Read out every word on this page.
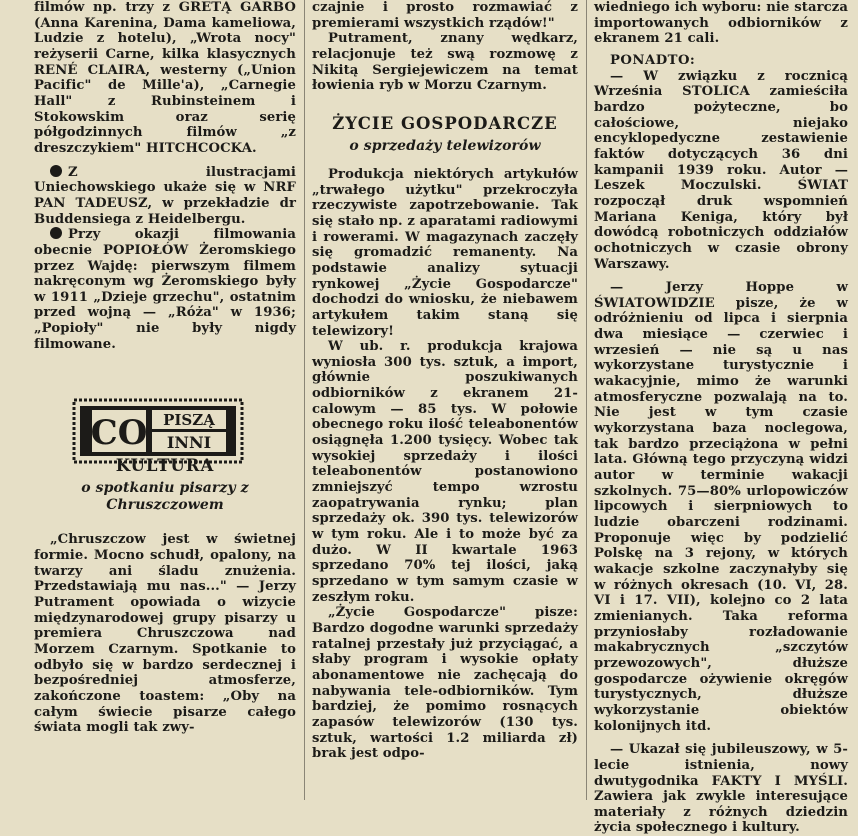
filmów np. trzy z GRETĄ GARBO (Anna Karenina, Dama kameliowa, Ludzie z hotelu), „Wrota nocy" reżyserii Carne, kilka klasycznych RENÉ CLAIRA, westerny („Union Pacific" de Mille'a), „Carnegie Hall" z Rubinsteinem i Stokowskim oraz serię półgodzinnych filmów „z dreszczykiem" HITCHCOCKA.

Z ilustracjami Uniechowskiego ukaże się w NRF PAN TADEUSZ, w przekładzie dr Buddensiega z Heidelbergu.

Przy okazji filmowania obecnie POPIOŁÓW Żeromskiego przez Wajdę: pierwszym filmem nakręconym wg Żeromskiego były w 1911 „Dzieje grzechu", ostatnim przed wojną — „Róża" w 1936; „Popioły" nie były nigdy filmowane.

KULTURA
o spotkaniu pisarzy z Chruszczowem

„Chruszczow jest w świetnej formie. Mocno schudł, opalony, na twarzy ani śladu znużenia. Przedstawiają mu nas..." — Jerzy Putrament opowiada o wizycie międzynarodowej grupy pisarzy u premiera Chruszczowa nad Morzem Czarnym. Spotkanie to odbyło się w bardzo serdecznej i bezpośredniej atmosferze, zakończone toastem: „Oby na całym świecie pisarze całego świata mogli tak zwy-

CO PISZĄ
INNI

czajnie i prosto rozmawiać z premierami wszystkich rządów!"

Putrament, znany wędkarz, relacjonuje też swą rozmowę z Nikitą Sergiejewiczem na temat łowienia ryb w Morzu Czarnym.

ŻYCIE GOSPODARCZE
o sprzedaży telewizorów

Produkcja niektórych artykułów „trwałego użytku" przekroczyła rzeczywiste zapotrzebowanie. Tak się stało np. z aparatami radiowymi i rowerami. W magazynach zaczęły się gromadzić remanenty. Na podstawie analizy sytuacji rynkowej „Życie Gospodarcze" dochodzi do wniosku, że niebawem artykułem takim staną się telewizory!

W ub. r. produkcja krajowa wyniosła 300 tys. sztuk, a import, głównie poszukiwanych odbiorników z ekranem 21-calowym — 85 tys. W połowie obecnego roku ilość teleabonentów osiągnęła 1.200 tysięcy. Wobec tak wysokiej sprzedaży i ilości teleabonentów postanowiono zmniejszyć tempo wzrostu zaopatrywania rynku; plan sprzedaży ok. 390 tys. telewizorów w tym roku. Ale i to może być za dużo. W II kwartale 1963 sprzedano 70% tej ilości, jaką sprzedano w tym samym czasie w zeszłym roku.

„Życie Gospodarcze" pisze: Bardzo dogodne warunki sprzedaży ratalnej przestały już przyciągać, a słaby program i wysokie opłaty abonamentowe nie zachęcają do nabywania tele-odbiorników. Tym bardziej, że pomimo rosnących zapasów telewizorów (130 tys. sztuk, wartości 1.2 miliarda zł) brak jest odpo-

wiedniego ich wyboru: nie starcza importowanych odbiorników z ekranem 21 cali.

PONADTO:

— W związku z rocznicą Września STOLICA zamieściła bardzo pożyteczne, bo całościowe, niejako encyklopedyczne zestawienie faktów dotyczących 36 dni kampanii 1939 roku. Autor — Leszek Moczulski. ŚWIAT rozpoczął druk wspomnień Mariana Keniga, który był dowódcą robotniczych oddziałów ochotniczych w czasie obrony Warszawy.

— Jerzy Hoppe w ŚWIATOWIDZIE pisze, że w odróżnieniu od lipca i sierpnia dwa miesiące — czerwiec i wrzesień — nie są u nas wykorzystane turystycznie i wakacyjnie, mimo że warunki atmosferyczne pozwalają na to. Nie jest w tym czasie wykorzystana baza noclegowa, tak bardzo przeciążona w pełni lata. Główną tego przyczyną widzi autor w terminie wakacji szkolnych. 75—80% urlopowiczów lipcowych i sierpniowych to ludzie obarczeni rodzinami. Proponuje więc by podzielić Polskę na 3 rejony, w których wakacje szkolne zaczynałyby się w różnych okresach (10. VI, 28. VI i 17. VII), kolejno co 2 lata zmienianych. Taka reforma przyniosłaby rozładowanie makabrycznych „szczytów przewozowych", dłuższe gospodarcze ożywienie okręgów turystycznych, dłuższe wykorzystanie obiektów kolonijnych itd.

— Ukazał się jubileuszowy, w 5-lecie istnienia, nowy dwutygodnika FAKTY I MYŚLI. Zawiera jak zwykle interesujące materiały z różnych dziedzin życia społecznego i kultury.
